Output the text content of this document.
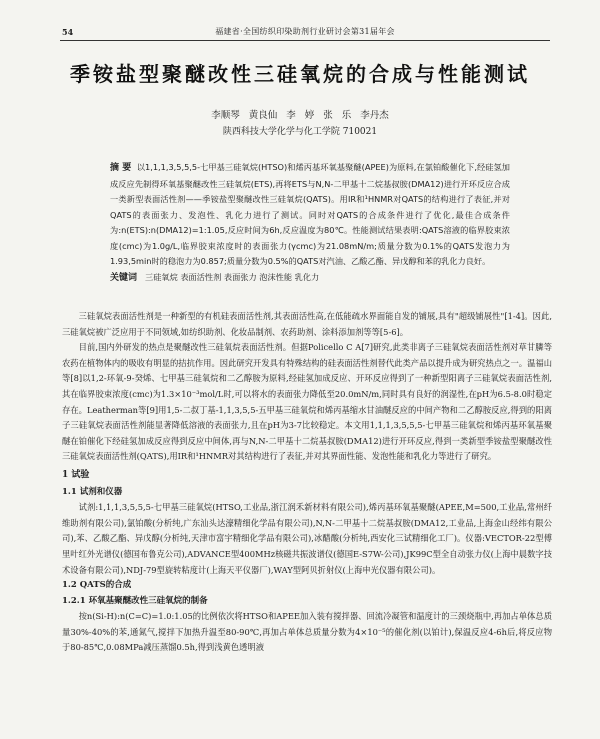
54	福建省·全国纺织印染助剂行业研讨会第31届年会
季铵盐型聚醚改性三硅氧烷的合成与性能测试
李顺琴 黄良仙 李 婷 张 乐 李丹杰
陕西科技大学化学与化工学院 710021
摘 要 以1,1,1,3,5,5,5-七甲基三硅氧烷(HTSO)和烯丙基环氧基聚醚(APEE)为原料,在氯铂酸催化下,经硅氢加成反应先制得环氧基聚醚改性三硅氧烷(ETS),再将ETS与N,N-二甲基十二烷基叔胺(DMA12)进行开环反应合成一类新型表面活性剂——季铵盐型聚醚改性三硅氧烷(QATS)。用IR和¹HNMR对QATS的结构进行了表征,并对QATS的表面张力、发泡性、乳化力进行了测试。同时对QATS的合成条件进行了优化,最佳合成条件为:n(ETS):n(DMA12)=1:1.05,反应时间为6h,反应温度为80℃。性能测试结果表明:QATS溶液的临界胶束浓度(cmc)为1.0g/L,临界胶束浓度时的表面张力(γcmc)为21.08mN/m;质量分数为0.1%的QATS发泡力为1.93,5min时的稳泡力为0.857;质量分数为0.5%的QATS对汽油、乙酸乙酯、异戊醇和苯的乳化力良好。
关键词 三硅氧烷 表面活性剂 表面张力 泡沫性能 乳化力

三硅氧烷表面活性剂是一种新型的有机硅表面活性剂,其表面活性高,在低能疏水界面能自发的铺展,具有"超级铺展性"[1-4]。因此,三硅氧烷被广泛应用于不同领域,如纺织助剂、化妆品制剂、农药助剂、涂料添加剂等等[5-6]。

目前,国内外研发的热点是聚醚改性三硅氧烷表面活性剂。但据Policello C A[7]研究,此类非离子三硅氧烷表面活性剂对草甘膦等农药在植物体内的吸收有明显的拮抗作用。因此研究开发具有特殊结构的硅表面活性剂替代此类产品以提升成为研究热点之一。温福山等[8]以1,2-环氧-9-癸烯、七甲基三硅氧烷和二乙醇胺为原料,经硅氢加成反应、开环反应得到了一种新型阳离子三硅氧烷表面活性剂,其在临界胶束浓度(cmc)为1.3×10⁻³mol/L时,可以将水的表面张力降低至20.0mN/m,同时具有良好的润湿性,在pH为6.5-8.0时稳定存在。Leatherman等[9]用1,5-二叔丁基-1,1,3,5,5-五甲基三硅氧烷和烯丙基缩水甘油醚反应的中间产物和二乙醇胺反应,得到的阳离子三硅氧烷表面活性剂能显著降低溶液的表面张力,且在pH为3-7比较稳定。本文用1,1,1,3,5,5,5-七甲基三硅氧烷和烯丙基环氧基聚醚在铂催化下经硅氢加成反应得到反应中间体,再与N,N-二甲基十二烷基叔胺(DMA12)进行开环反应,得到一类新型季铵盐型聚醚改性三硅氧烷表面活性剂(QATS),用IR和¹HNMR对其结构进行了表征,并对其界面性能、发泡性能和乳化力等进行了研究。

1 试验
1.1 试剂和仪器

试剂:1,1,1,3,5,5,5-七甲基三硅氧烷(HTSO,工业品,浙江润禾新材料有限公司),烯丙基环氧基聚醚(APEE,M=500,工业品,常州纤维助剂有限公司),氯铂酸(分析纯,广东汕头达濠精细化学品有限公司),N,N-二甲基十二烷基叔胺(DMA12,工业品,上海金山经纬有限公司),苯、乙酸乙酯、异戊醇(分析纯,天津市富宇精细化学品有限公司),冰醋酸(分析纯,西安化三试精细化工厂)。仪器:VECTOR-22型傅里叶红外光谱仪(德国布鲁克公司),ADVANCE型400MHz核磁共振波谱仪(德国E-S7W-公司),JK99C型全自动张力仪(上海中晨数字技术设备有限公司),NDJ-79型旋转粘度计(上海天平仪器厂),WAY型阿贝折射仪(上海申光仪器有限公司)。

1.2 QATS的合成
1.2.1 环氧基聚醚改性三硅氧烷的制备

按n(Si-H):n(C=C)=1.0:1.05的比例依次将HTSO和APEE加入装有搅拌器、回流冷凝管和温度计的三颈烧瓶中,再加占单体总质量30%-40%的苯,通氮气,搅拌下加热升温至80-90℃,再加占单体总质量分数为4×10⁻⁵的催化剂(以铂计),保温反应4-6h后,将反应物于80-85℃,0.08MPa减压蒸馏0.5h,得到浅黄色透明液
